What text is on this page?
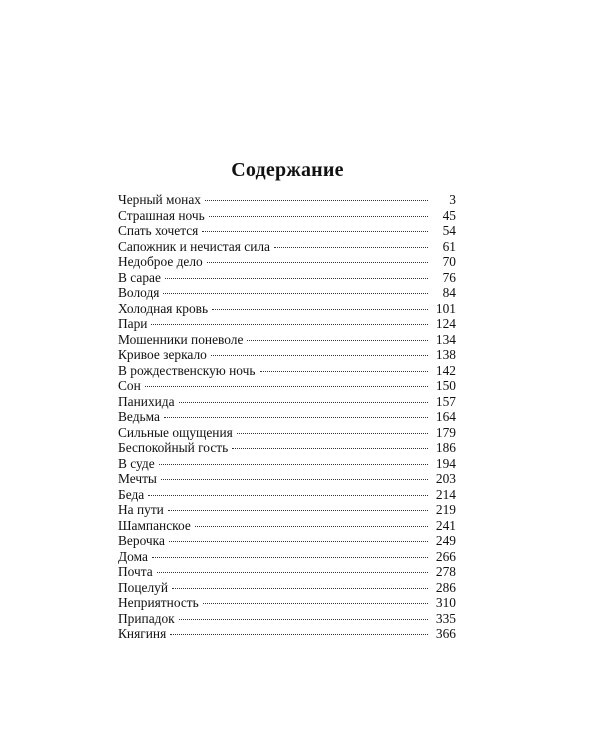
Содержание
Черный монах	3
Страшная ночь	45
Спать хочется	54
Сапожник и нечистая сила	61
Недоброе дело	70
В сарае	76
Володя	84
Холодная кровь	101
Пари	124
Мошенники поневоле	134
Кривое зеркало	138
В рождественскую ночь	142
Сон	150
Панихида	157
Ведьма	164
Сильные ощущения	179
Беспокойный гость	186
В суде	194
Мечты	203
Беда	214
На пути	219
Шампанское	241
Верочка	249
Дома	266
Почта	278
Поцелуй	286
Неприятность	310
Припадок	335
Княгиня	366
